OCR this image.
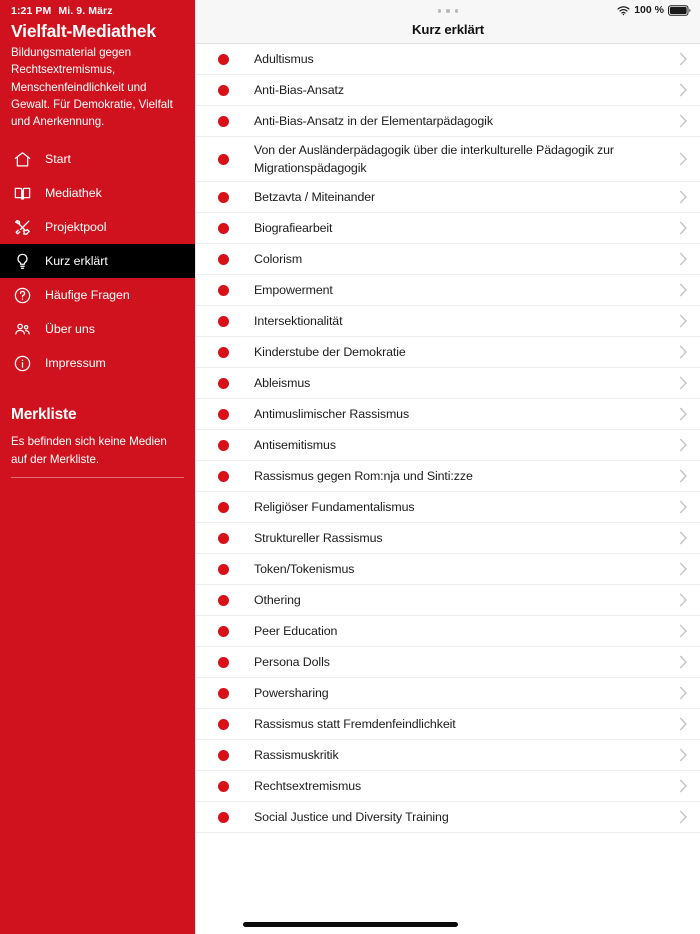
1:21 PM Mi. 9. März
Vielfalt-Mediathek
Bildungsmaterial gegen Rechtsextremismus, Menschenfeindlichkeit und Gewalt. Für Demokratie, Vielfalt und Anerkennung.
Start
Mediathek
Projektpool
Kurz erklärt
Häufige Fragen
Über uns
Impressum
Merkliste
Es befinden sich keine Medien auf der Merkliste.
100 %
Kurz erklärt
Adultismus
Anti-Bias-Ansatz
Anti-Bias-Ansatz in der Elementarpädagogik
Von der Ausländerpädagogik über die interkulturelle Pädagogik zur Migrationspädagogik
Betzavta / Miteinander
Biografiearbeit
Colorism
Empowerment
Intersektionalität
Kinderstube der Demokratie
Ableismus
Antimuslimischer Rassismus
Antisemitismus
Rassismus gegen Rom:nja und Sinti:zze
Religiöser Fundamentalismus
Struktureller Rassismus
Token/Tokenismus
Othering
Peer Education
Persona Dolls
Powersharing
Rassismus statt Fremdenfeindlichkeit
Rassismuskritik
Rechtsextremismus
Social Justice und Diversity Training
